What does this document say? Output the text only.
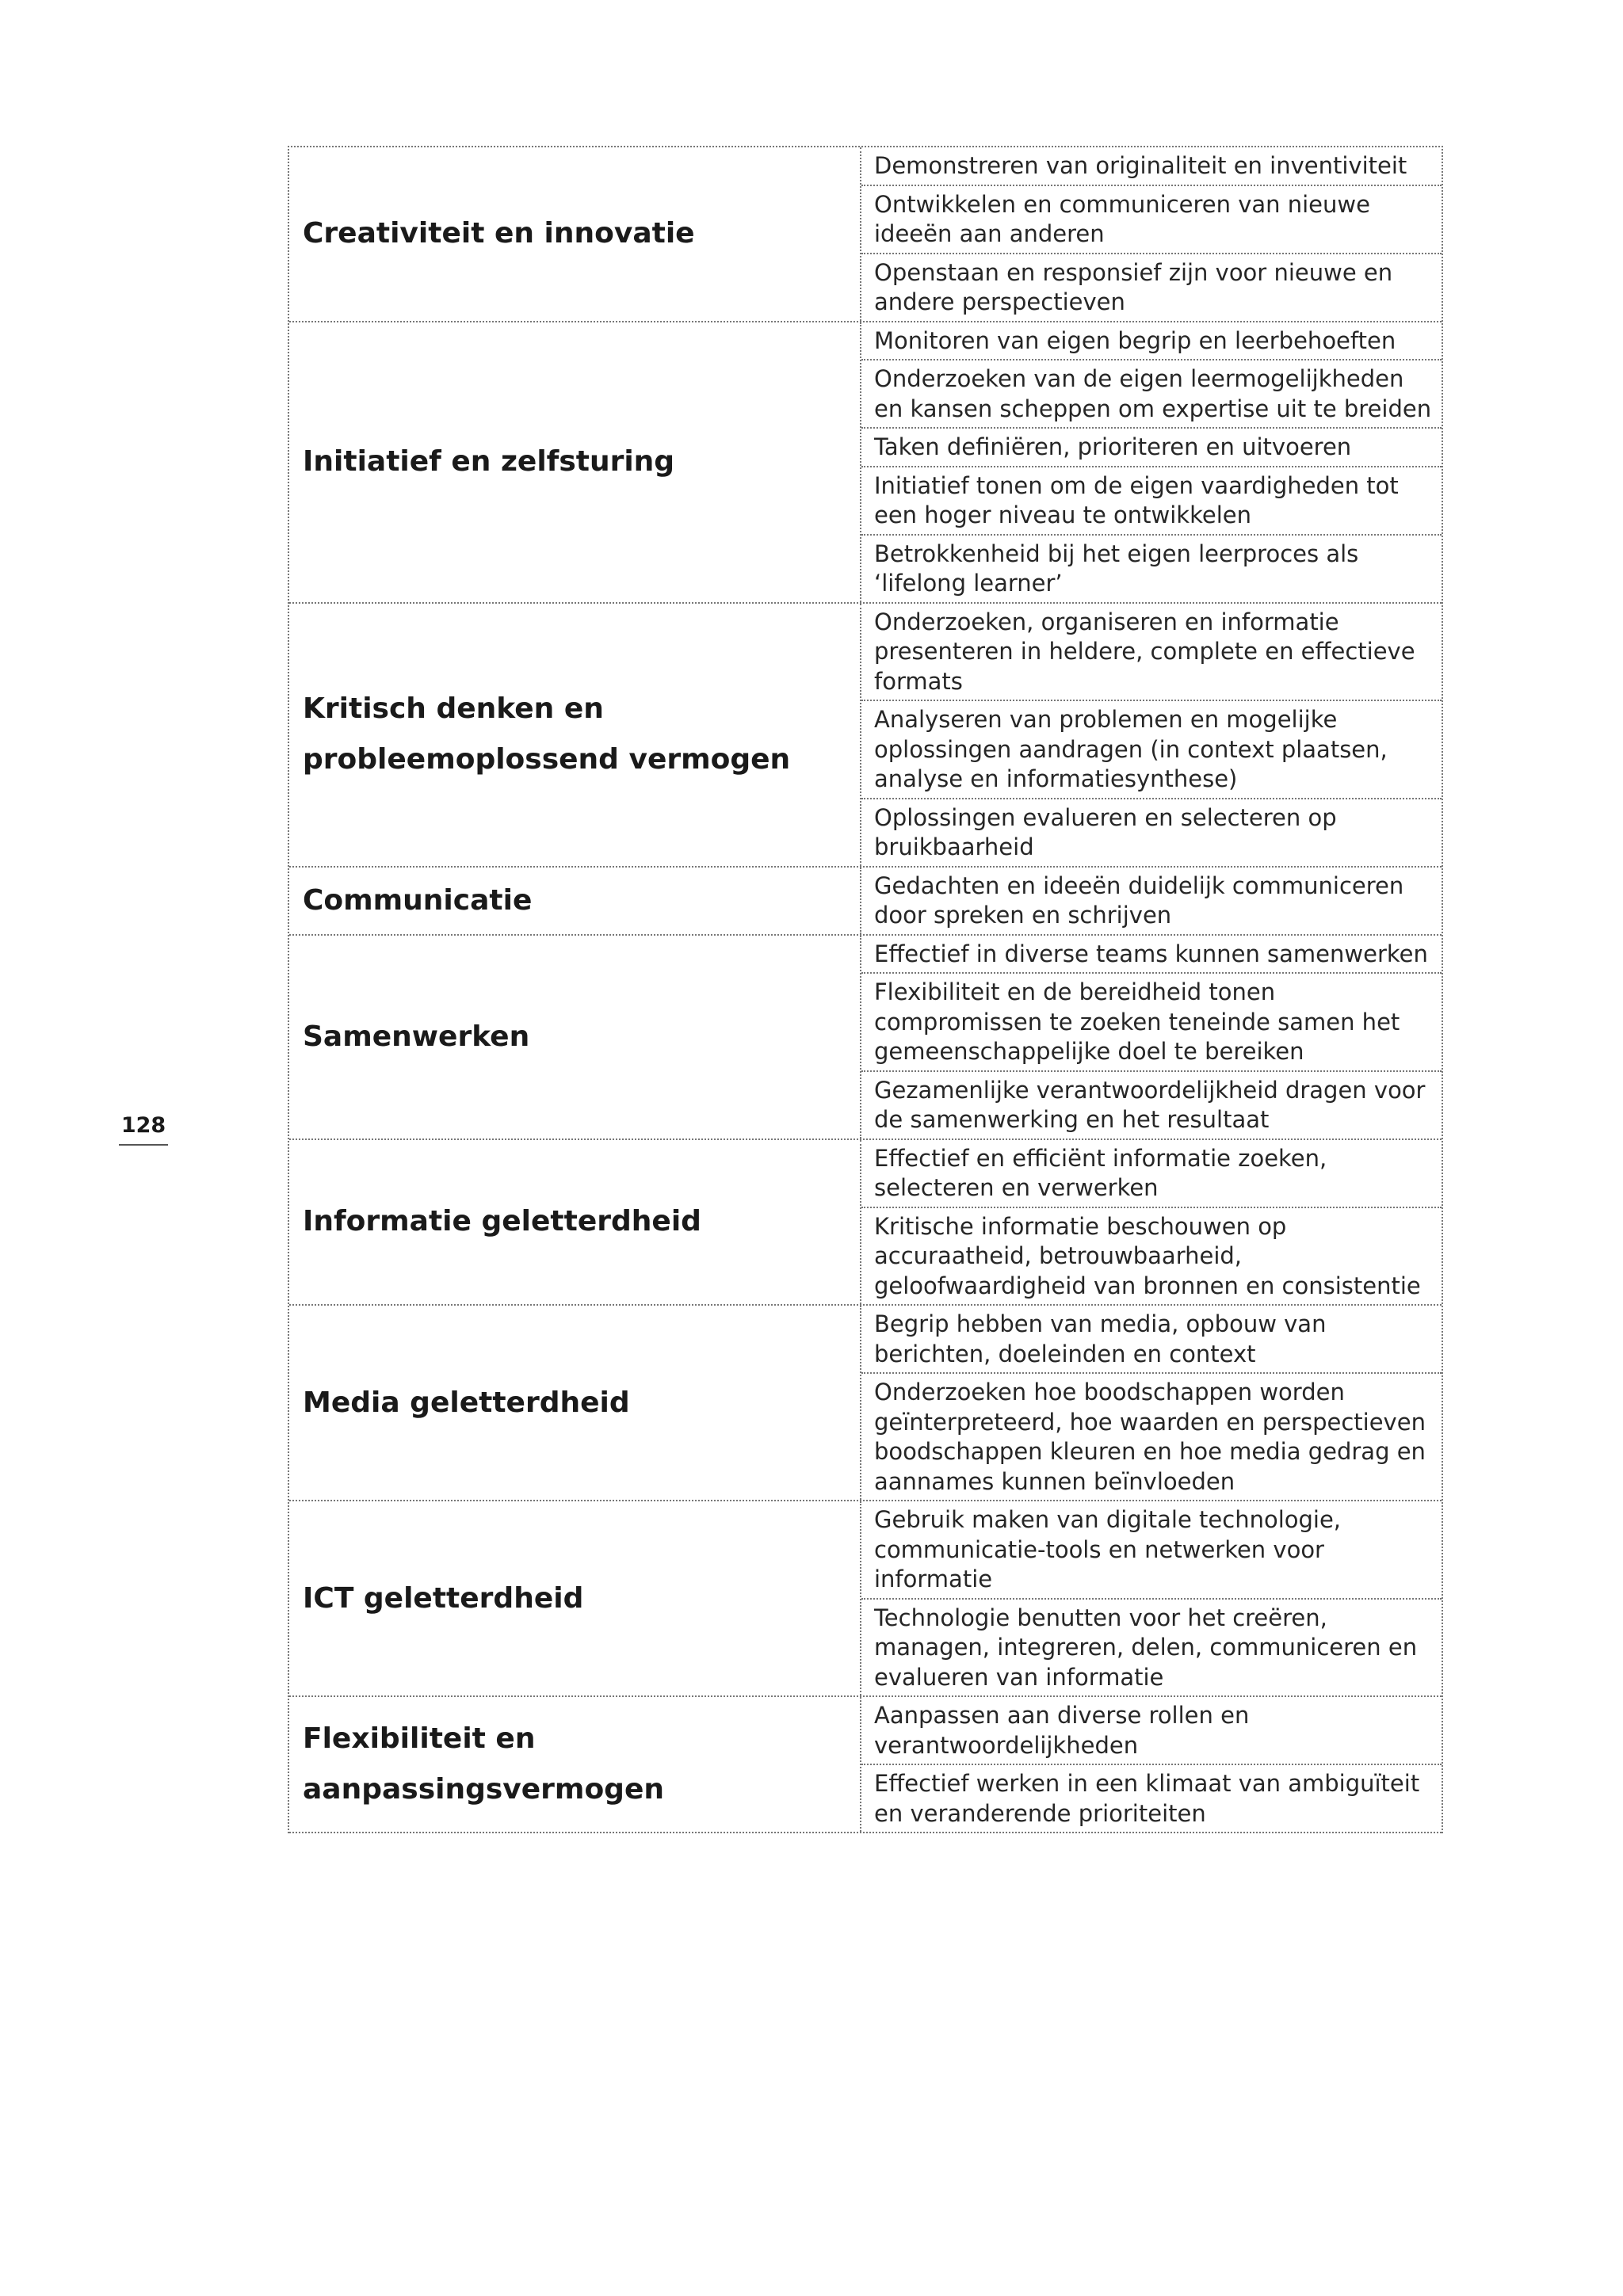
128
Creativiteit en innovatie
Demonstreren van originaliteit en inventiviteit
Ontwikkelen en communiceren van nieuwe ideeën aan anderen
Openstaan en responsief zijn voor nieuwe en andere perspectieven
Initiatief en zelfsturing
Monitoren van eigen begrip en leerbehoeften
Onderzoeken van de eigen leermogelijkheden en kansen scheppen om expertise uit te breiden
Taken definiëren, prioriteren en uitvoeren
Initiatief tonen om de eigen vaardigheden tot een hoger niveau te ontwikkelen
Betrokkenheid bij het eigen leerproces als ‘lifelong learner’
Kritisch denken en probleemoplossend vermogen
Onderzoeken, organiseren en informatie presenteren in heldere, complete en effectieve formats
Analyseren van problemen en mogelijke oplossingen aandragen (in context plaatsen, analyse en informatiesynthese)
Oplossingen evalueren en selecteren op bruikbaarheid
Communicatie	Gedachten en ideeën duidelijk communiceren door spreken en schrijven
Samenwerken
Effectief in diverse teams kunnen samenwerken
Flexibiliteit en de bereidheid tonen compromissen te zoeken teneinde samen het gemeenschappelijke doel te bereiken
Gezamenlijke verantwoordelijkheid dragen voor de samenwerking en het resultaat
Informatie geletterdheid
Effectief en efficiënt informatie zoeken, selecteren en verwerken
Kritische informatie beschouwen op accuraatheid, betrouwbaarheid, geloofwaardigheid van bronnen en consistentie
Media geletterdheid
Begrip hebben van media, opbouw van berichten, doeleinden en context
Onderzoeken hoe boodschappen worden geïnterpreteerd, hoe waarden en perspectieven boodschappen kleuren en hoe media gedrag en aannames kunnen beïnvloeden
ICT geletterdheid
Gebruik maken van digitale technologie, communicatie-tools en netwerken voor informatie
Technologie benutten voor het creëren, managen, integreren, delen, communiceren en evalueren van informatie
Flexibiliteit en aanpassingsvermogen
Aanpassen aan diverse rollen en verantwoordelijkheden
Effectief werken in een klimaat van ambiguïteit en veranderende prioriteiten
